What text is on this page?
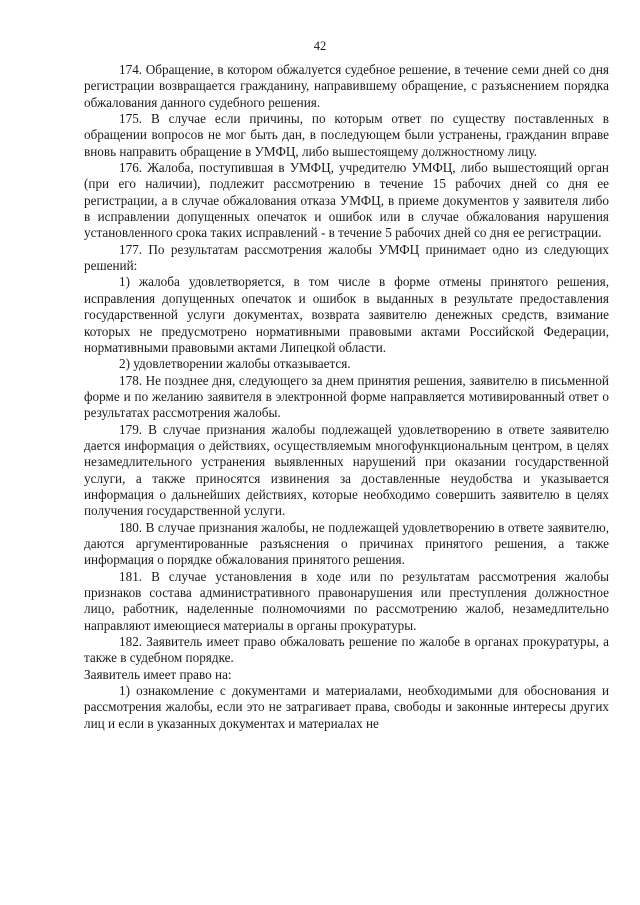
42

174. Обращение, в котором обжалуется судебное решение, в течение семи дней со дня регистрации возвращается гражданину, направившему обращение, с разъяснением порядка обжалования данного судебного решения.

175. В случае если причины, по которым ответ по существу поставленных в обращении вопросов не мог быть дан, в последующем были устранены, гражданин вправе вновь направить обращение в УМФЦ, либо вышестоящему должностному лицу.

176. Жалоба, поступившая в УМФЦ, учредителю УМФЦ, либо вышестоящий орган (при его наличии), подлежит рассмотрению в течение 15 рабочих дней со дня ее регистрации, а в случае обжалования отказа УМФЦ, в приеме документов у заявителя либо в исправлении допущенных опечаток и ошибок или в случае обжалования нарушения установленного срока таких исправлений - в течение 5 рабочих дней со дня ее регистрации.

177. По результатам рассмотрения жалобы УМФЦ принимает одно из следующих решений:

1) жалоба удовлетворяется, в том числе в форме отмены принятого решения, исправления допущенных опечаток и ошибок в выданных в результате предоставления государственной услуги документах, возврата заявителю денежных средств, взимание которых не предусмотрено нормативными правовыми актами Российской Федерации, нормативными правовыми актами Липецкой области.

2) удовлетворении жалобы отказывается.

178. Не позднее дня, следующего за днем принятия решения, заявителю в письменной форме и по желанию заявителя в электронной форме направляется мотивированный ответ о результатах рассмотрения жалобы.

179. В случае признания жалобы подлежащей удовлетворению в ответе заявителю дается информация о действиях, осуществляемым многофункциональным центром, в целях незамедлительного устранения выявленных нарушений при оказании государственной услуги, а также приносятся извинения за доставленные неудобства и указывается информация о дальнейших действиях, которые необходимо совершить заявителю в целях получения государственной услуги.

180. В случае признания жалобы, не подлежащей удовлетворению в ответе заявителю, даются аргументированные разъяснения о причинах принятого решения, а также информация о порядке обжалования принятого решения.

181. В случае установления в ходе или по результатам рассмотрения жалобы признаков состава административного правонарушения или преступления должностное лицо, работник, наделенные полномочиями по рассмотрению жалоб, незамедлительно направляют имеющиеся материалы в органы прокуратуры.

182. Заявитель имеет право обжаловать решение по жалобе в органах прокуратуры, а также в судебном порядке.

Заявитель имеет право на:

1) ознакомление с документами и материалами, необходимыми для обоснования и рассмотрения жалобы, если это не затрагивает права, свободы и законные интересы других лиц и если в указанных документах и материалах не
